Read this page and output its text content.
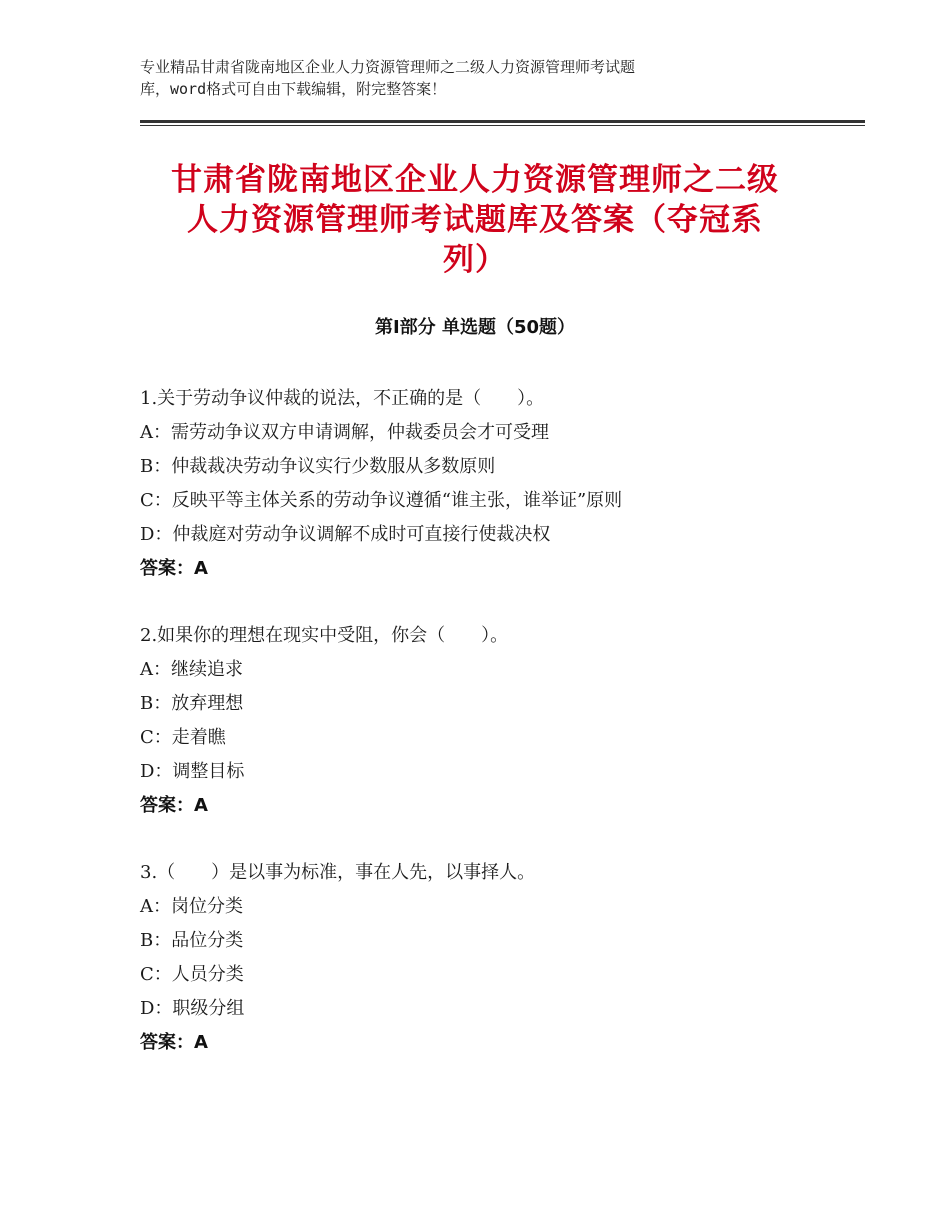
专业精品甘肃省陇南地区企业人力资源管理师之二级人力资源管理师考试题
库，word格式可自由下载编辑，附完整答案！
甘肃省陇南地区企业人力资源管理师之二级
人力资源管理师考试题库及答案（夺冠系
列）
第Ⅰ部分 单选题（50题）
1.关于劳动争议仲裁的说法，不正确的是（　　）。
A：需劳动争议双方申请调解，仲裁委员会才可受理
B：仲裁裁决劳动争议实行少数服从多数原则
C：反映平等主体关系的劳动争议遵循“谁主张，谁举证”原则
D：仲裁庭对劳动争议调解不成时可直接行使裁决权
答案：A
2.如果你的理想在现实中受阻，你会（　　）。
A：继续追求
B：放弃理想
C：走着瞧
D：调整目标
答案：A
3.（　　）是以事为标准，事在人先，以事择人。
A：岗位分类
B：品位分类
C：人员分类
D：职级分组
答案：A
